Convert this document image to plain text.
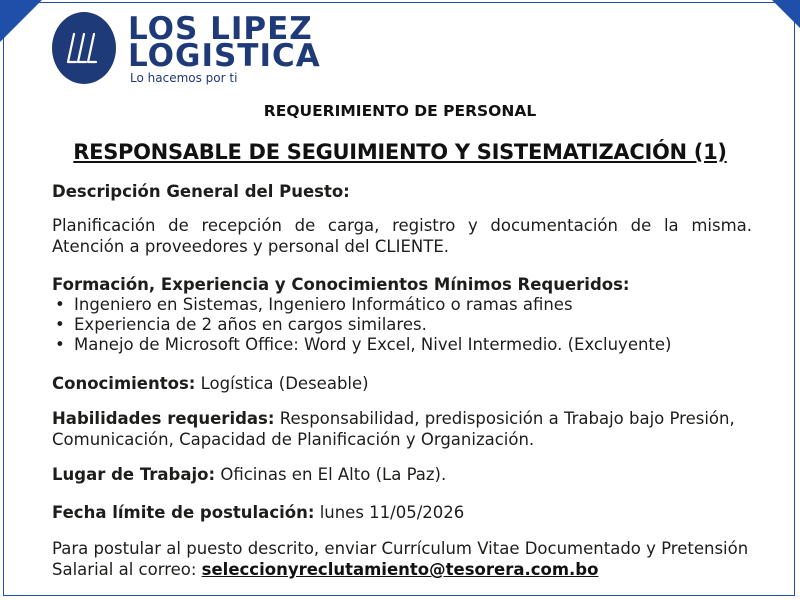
LOS LIPEZ
LOGISTICA
Lo hacemos por ti
REQUERIMIENTO DE PERSONAL
RESPONSABLE DE SEGUIMIENTO Y SISTEMATIZACIÓN (1)
Descripción General del Puesto:
Planificación de recepción de carga, registro y documentación de la misma. Atención a proveedores y personal del CLIENTE.
Formación, Experiencia y Conocimientos Mínimos Requeridos:
• Ingeniero en Sistemas, Ingeniero Informático o ramas afines
• Experiencia de 2 años en cargos similares.
• Manejo de Microsoft Office: Word y Excel, Nivel Intermedio. (Excluyente)
Conocimientos: Logística (Deseable)
Habilidades requeridas: Responsabilidad, predisposición a Trabajo bajo Presión, Comunicación, Capacidad de Planificación y Organización.
Lugar de Trabajo: Oficinas en El Alto (La Paz).
Fecha límite de postulación: lunes 11/05/2026
Para postular al puesto descrito, enviar Currículum Vitae Documentado y Pretensión Salarial al correo: seleccionyreclutamiento@tesorera.com.bo
